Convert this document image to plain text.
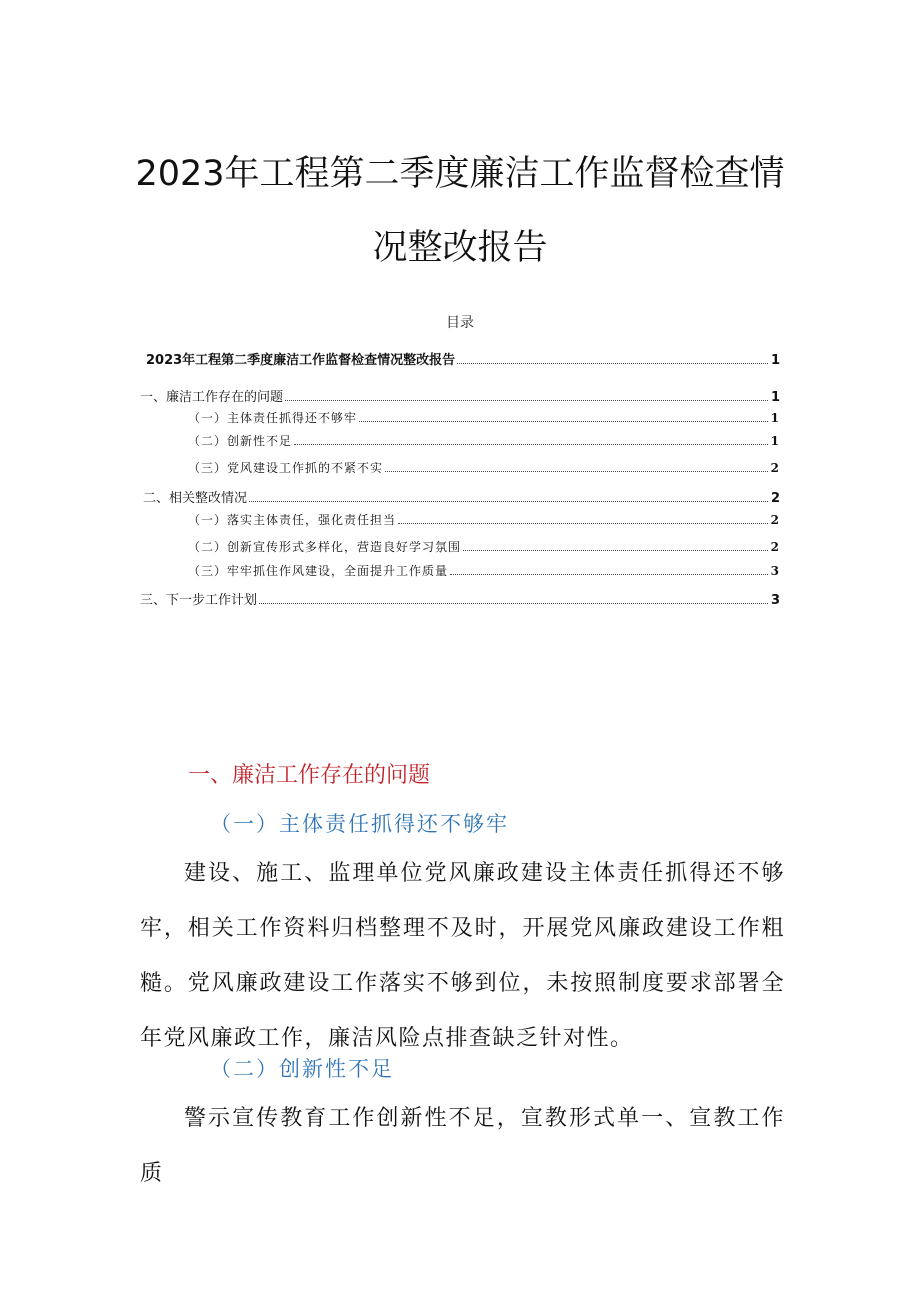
2023年工程第二季度廉洁工作监督检查情
况整改报告
目录
2023年工程第二季度廉洁工作监督检查情况整改报告	1
一、廉洁工作存在的问题	1
（一）主体责任抓得还不够牢	1
（二）创新性不足	1
（三）党风建设工作抓的不紧不实	2
二、相关整改情况	2
（一）落实主体责任，强化责任担当	2
（二）创新宣传形式多样化，营造良好学习氛围	2
（三）牢牢抓住作风建设，全面提升工作质量	3
三、下一步工作计划	3
一、廉洁工作存在的问题
（一）主体责任抓得还不够牢

建设、施工、监理单位党风廉政建设主体责任抓得还不够牢，相关工作资料归档整理不及时，开展党风廉政建设工作粗糙。党风廉政建设工作落实不够到位，未按照制度要求部署全年党风廉政工作，廉洁风险点排查缺乏针对性。

（二）创新性不足

警示宣传教育工作创新性不足，宣教形式单一、宣教工作质
